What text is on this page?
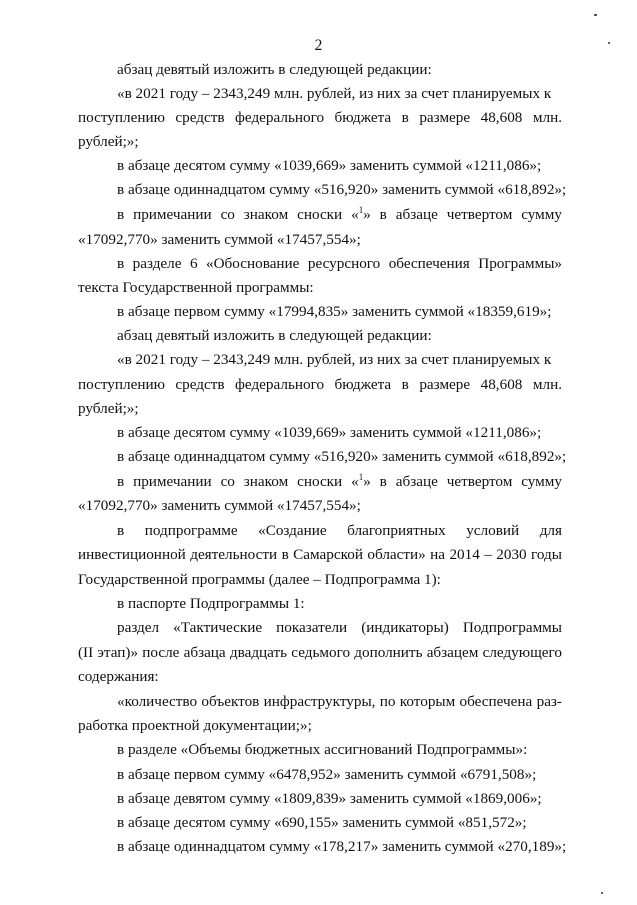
2
абзац девятый изложить в следующей редакции:
«в 2021 году – 2343,249 млн. рублей, из них за счет планируемых к
поступлению средств федерального бюджета в размере 48,608 млн.
рублей;»;
в абзаце десятом сумму «1039,669» заменить суммой «1211,086»;
в абзаце одиннадцатом сумму «516,920» заменить суммой «618,892»;
в примечании со знаком сноски «$^1$» в абзаце четвертом сумму
«17092,770» заменить суммой «17457,554»;
в разделе 6 «Обоснование ресурсного обеспечения Программы»
текста Государственной программы:
в абзаце первом сумму «17994,835» заменить суммой «18359,619»;
абзац девятый изложить в следующей редакции:
«в 2021 году – 2343,249 млн. рублей, из них за счет планируемых к
поступлению средств федерального бюджета в размере 48,608 млн.
рублей;»;
в абзаце десятом сумму «1039,669» заменить суммой «1211,086»;
в абзаце одиннадцатом сумму «516,920» заменить суммой «618,892»;
в примечании со знаком сноски «$^1$» в абзаце четвертом сумму
«17092,770» заменить суммой «17457,554»;
в подпрограмме «Создание благоприятных условий для
инвестиционной деятельности в Самарской области» на 2014 – 2030 годы
Государственной программы (далее – Подпрограмма 1):
в паспорте Подпрограммы 1:
раздел «Тактические показатели (индикаторы) Подпрограммы
(II этап)» после абзаца двадцать седьмого дополнить абзацем следующего
содержания:
«количество объектов инфраструктуры, по которым обеспечена раз-
работка проектной документации;»;
в разделе «Объемы бюджетных ассигнований Подпрограммы»:
в абзаце первом сумму «6478,952» заменить суммой «6791,508»;
в абзаце девятом сумму «1809,839» заменить суммой «1869,006»;
в абзаце десятом сумму «690,155» заменить суммой «851,572»;
в абзаце одиннадцатом сумму «178,217» заменить суммой «270,189»;
